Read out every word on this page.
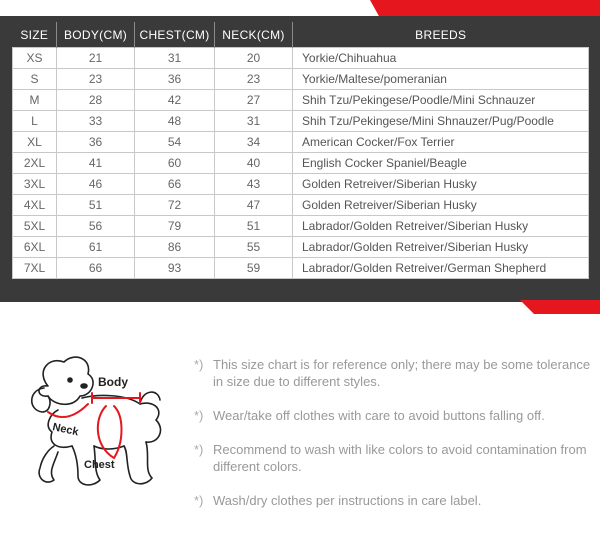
SIZE	BODY(CM)	CHEST(CM)	NECK(CM)	BREEDS
XS	21	31	20	Yorkie/Chihuahua
S	23	36	23	Yorkie/Maltese/pomeranian
M	28	42	27	Shih Tzu/Pekingese/Poodle/Mini Schnauzer
L	33	48	31	Shih Tzu/Pekingese/Mini Shnauzer/Pug/Poodle
XL	36	54	34	American Cocker/Fox Terrier
2XL	41	60	40	English Cocker Spaniel/Beagle
3XL	46	66	43	Golden Retreiver/Siberian Husky
4XL	51	72	47	Golden Retreiver/Siberian Husky
5XL	56	79	51	Labrador/Golden Retreiver/Siberian Husky
6XL	61	86	55	Labrador/Golden Retreiver/Siberian Husky
7XL	66	93	59	Labrador/Golden Retreiver/German Shepherd
Body
Neck
Chest
*) This size chart is for reference only; there may be some tolerance in size due to different styles.
*) Wear/take off clothes with care to avoid buttons falling off.
*) Recommend to wash with like colors to avoid contamination from different colors.
*) Wash/dry clothes per instructions in care label.
